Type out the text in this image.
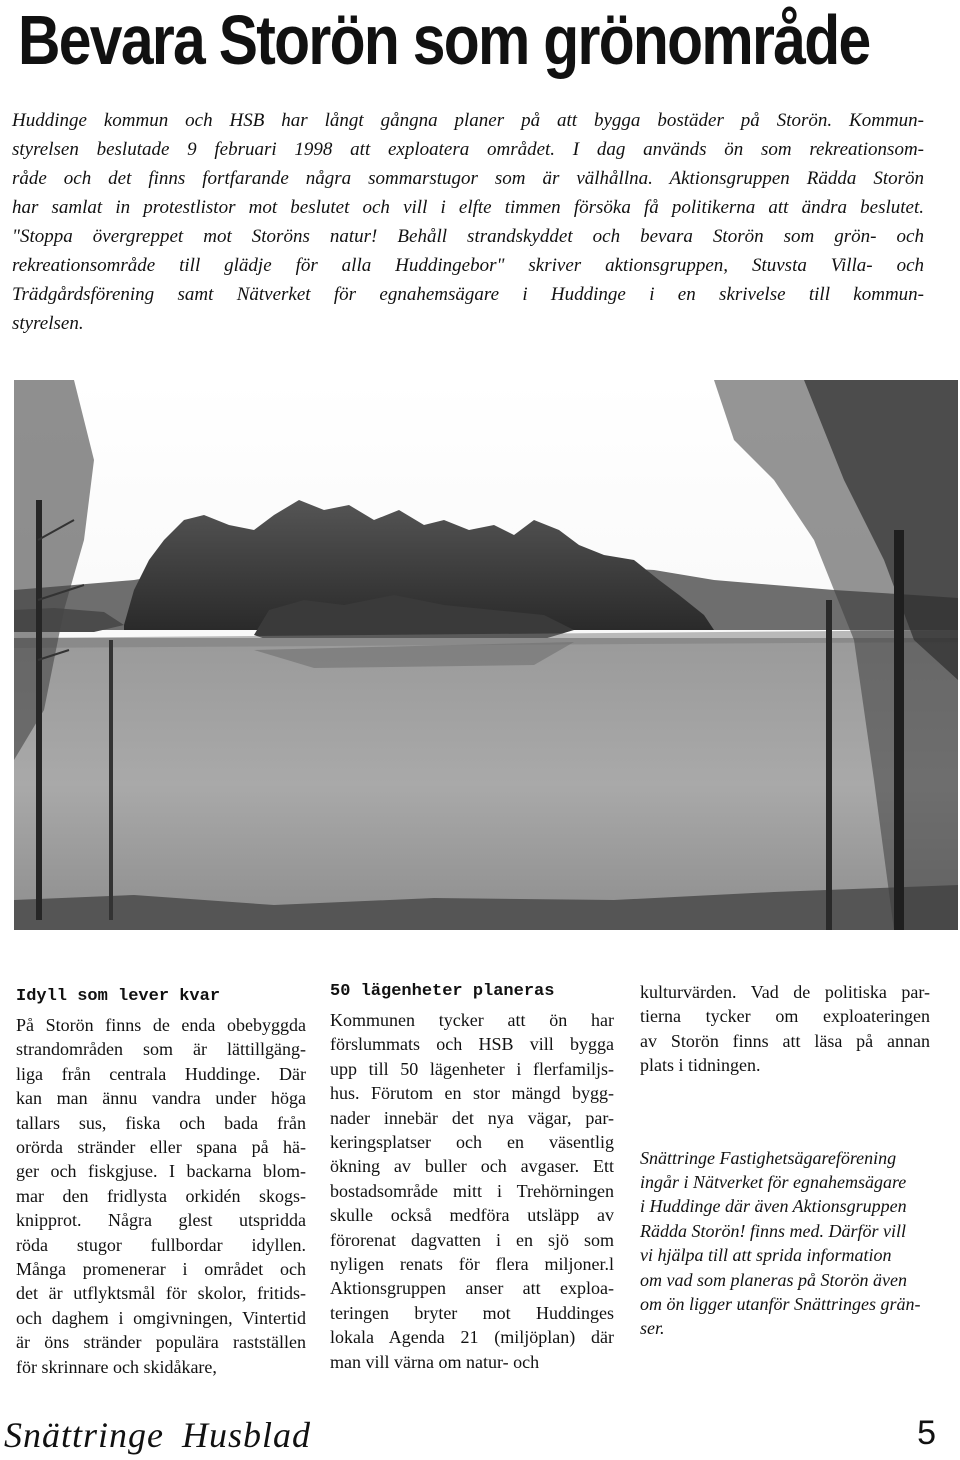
Bevara Storön som grönområde
Huddinge kommun och HSB har långt gångna planer på att bygga bostäder på Storön. Kommun-
styrelsen beslutade 9 februari 1998 att exploatera området. I dag används ön som rekreationsom-
råde och det finns fortfarande några sommarstugor som är välhållna. Aktionsgruppen Rädda Storön
har samlat in protestlistor mot beslutet och vill i elfte timmen försöka få politikerna att ändra beslutet.
"Stoppa övergreppet mot Storöns natur! Behåll strandskyddet och bevara Storön som grön- och
rekreationsområde till glädje för alla Huddingebor" skriver aktionsgruppen, Stuvsta Villa- och
Trädgårdsförening samt Nätverket för egnahemsägare i Huddinge i en skrivelse till kommun-
styrelsen.
Idyll som lever kvar
På Storön finns de enda obebyggda
strandområden som är lättillgäng-
liga från centrala Huddinge. Där
kan man ännu vandra under höga
tallars sus, fiska och bada från
orörda stränder eller spana på hä-
ger och fiskgjuse. I backarna blom-
mar den fridlysta orkidén skogs-
knipprot. Några glest utspridda
röda stugor fullbordar idyllen.
Många promenerar i området och
det är utflyktsmål för skolor, fritids-
och daghem i omgivningen, Vintertid
är öns stränder populära rastställen
för skrinnare och skidåkare,
50 lägenheter planeras
Kommunen tycker att ön har
förslummats och HSB vill bygga
upp till 50 lägenheter i flerfamiljs-
hus. Förutom en stor mängd bygg-
nader innebär det nya vägar, par-
keringsplatser och en väsentlig
ökning av buller och avgaser. Ett
bostadsområde mitt i Trehörningen
skulle också medföra utsläpp av
förorenat dagvatten i en sjö som
nyligen renats för flera miljoner.l
Aktionsgruppen anser att exploa-
teringen bryter mot Huddinges
lokala Agenda 21 (miljöplan) där
man vill värna om natur- och
kulturvärden. Vad de politiska par-
tierna tycker om exploateringen
av Storön finns att läsa på annan
plats i tidningen.
Snättringe Fastighetsägareförening
ingår i Nätverket för egnahemsägare
i Huddinge där även Aktionsgruppen
Rädda Storön! finns med. Därför vill
vi hjälpa till att sprida information
om vad som planeras på Storön även
om ön ligger utanför Snättringes grän-
ser.
Snättringe Husblad	5
